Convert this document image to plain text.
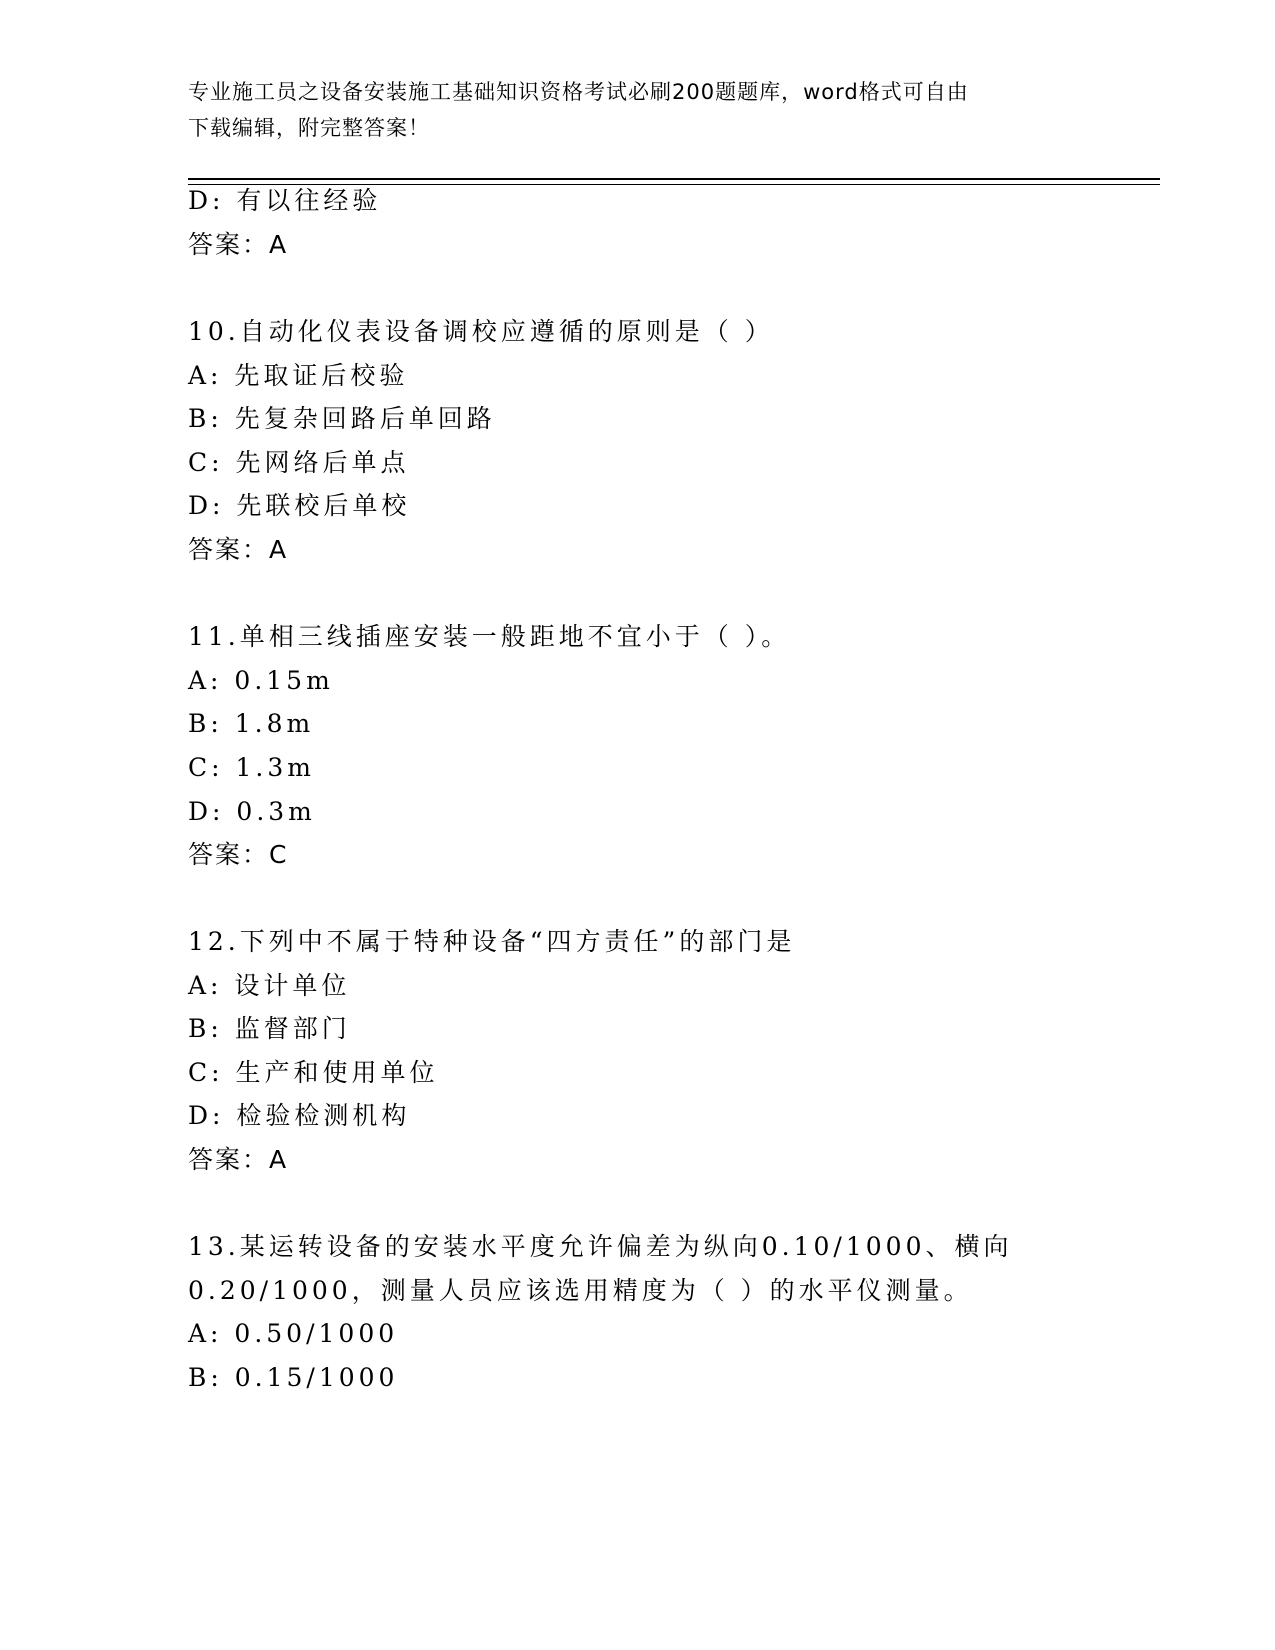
专业施工员之设备安装施工基础知识资格考试必刷200题题库，word格式可自由
下载编辑，附完整答案！
D: 有以往经验
答案：A
10.自动化仪表设备调校应遵循的原则是（ ）
A: 先取证后校验
B: 先复杂回路后单回路
C: 先网络后单点
D: 先联校后单校
答案：A
11.单相三线插座安装一般距地不宜小于（ ）。
A: 0.15m
B: 1.8m
C: 1.3m
D: 0.3m
答案：C
12.下列中不属于特种设备“四方责任”的部门是
A: 设计单位
B: 监督部门
C: 生产和使用单位
D: 检验检测机构
答案：A
13.某运转设备的安装水平度允许偏差为纵向0.10/1000、横向
0.20/1000，测量人员应该选用精度为（ ）的水平仪测量。
A: 0.50/1000
B: 0.15/1000
